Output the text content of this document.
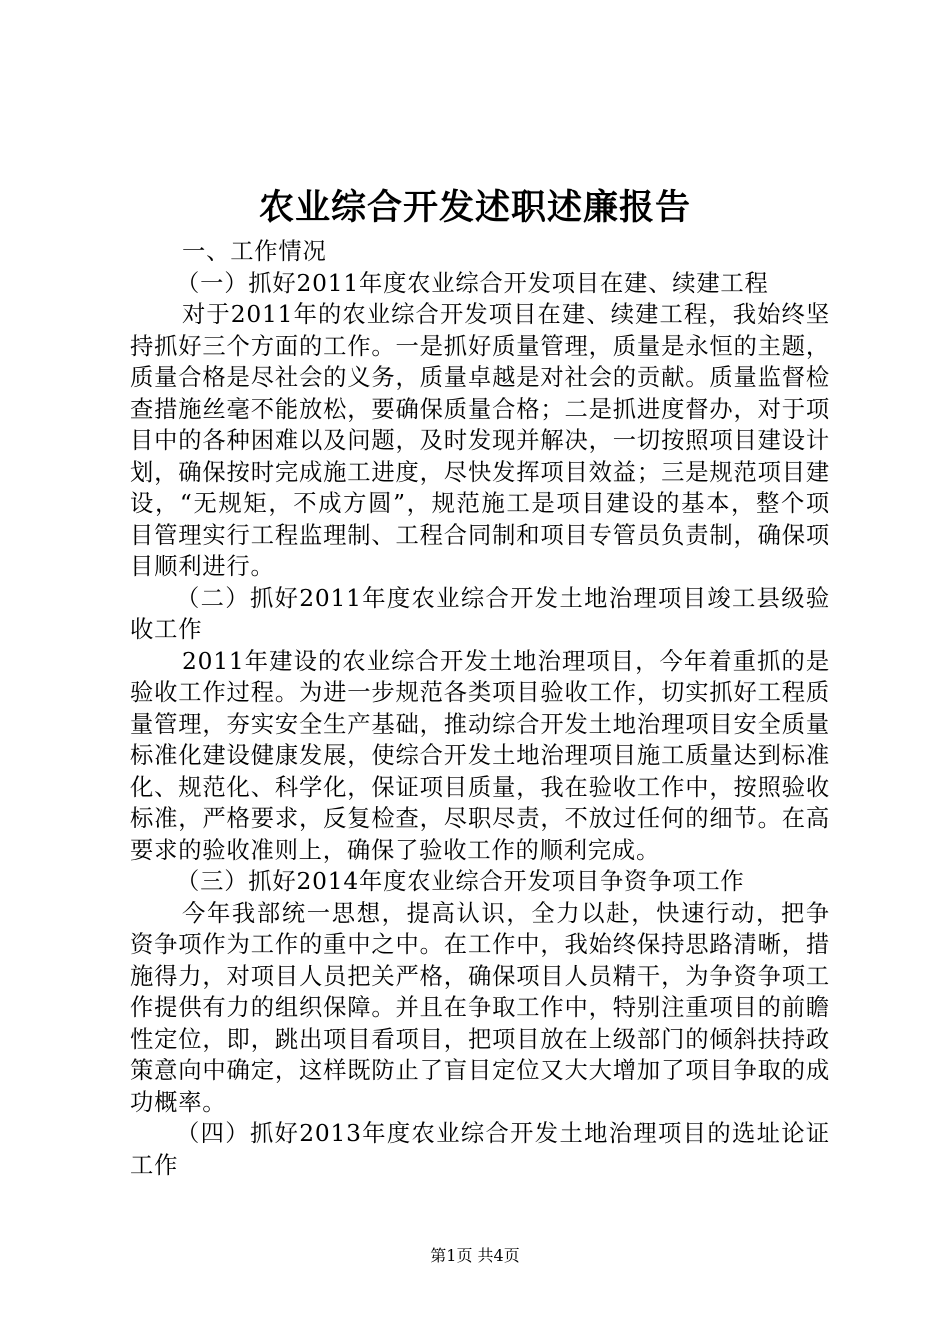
农业综合开发述职述廉报告

一、工作情况

（一）抓好2011年度农业综合开发项目在建、续建工程

对于2011年的农业综合开发项目在建、续建工程，我始终坚持抓好三个方面的工作。一是抓好质量管理，质量是永恒的主题，质量合格是尽社会的义务，质量卓越是对社会的贡献。质量监督检查措施丝毫不能放松，要确保质量合格；二是抓进度督办，对于项目中的各种困难以及问题，及时发现并解决，一切按照项目建设计划，确保按时完成施工进度，尽快发挥项目效益；三是规范项目建设，“无规矩，不成方圆”，规范施工是项目建设的基本，整个项目管理实行工程监理制、工程合同制和项目专管员负责制，确保项目顺利进行。

（二）抓好2011年度农业综合开发土地治理项目竣工县级验收工作

2011年建设的农业综合开发土地治理项目，今年着重抓的是验收工作过程。为进一步规范各类项目验收工作，切实抓好工程质量管理，夯实安全生产基础，推动综合开发土地治理项目安全质量标准化建设健康发展，使综合开发土地治理项目施工质量达到标准化、规范化、科学化，保证项目质量，我在验收工作中，按照验收标准，严格要求，反复检查，尽职尽责，不放过任何的细节。在高要求的验收准则上，确保了验收工作的顺利完成。

（三）抓好2014年度农业综合开发项目争资争项工作

今年我部统一思想，提高认识，全力以赴，快速行动，把争资争项作为工作的重中之中。在工作中，我始终保持思路清晰，措施得力，对项目人员把关严格，确保项目人员精干，为争资争项工作提供有力的组织保障。并且在争取工作中，特别注重项目的前瞻性定位，即，跳出项目看项目，把项目放在上级部门的倾斜扶持政策意向中确定，这样既防止了盲目定位又大大增加了项目争取的成功概率。

（四）抓好2013年度农业综合开发土地治理项目的选址论证工作

第1页 共4页
